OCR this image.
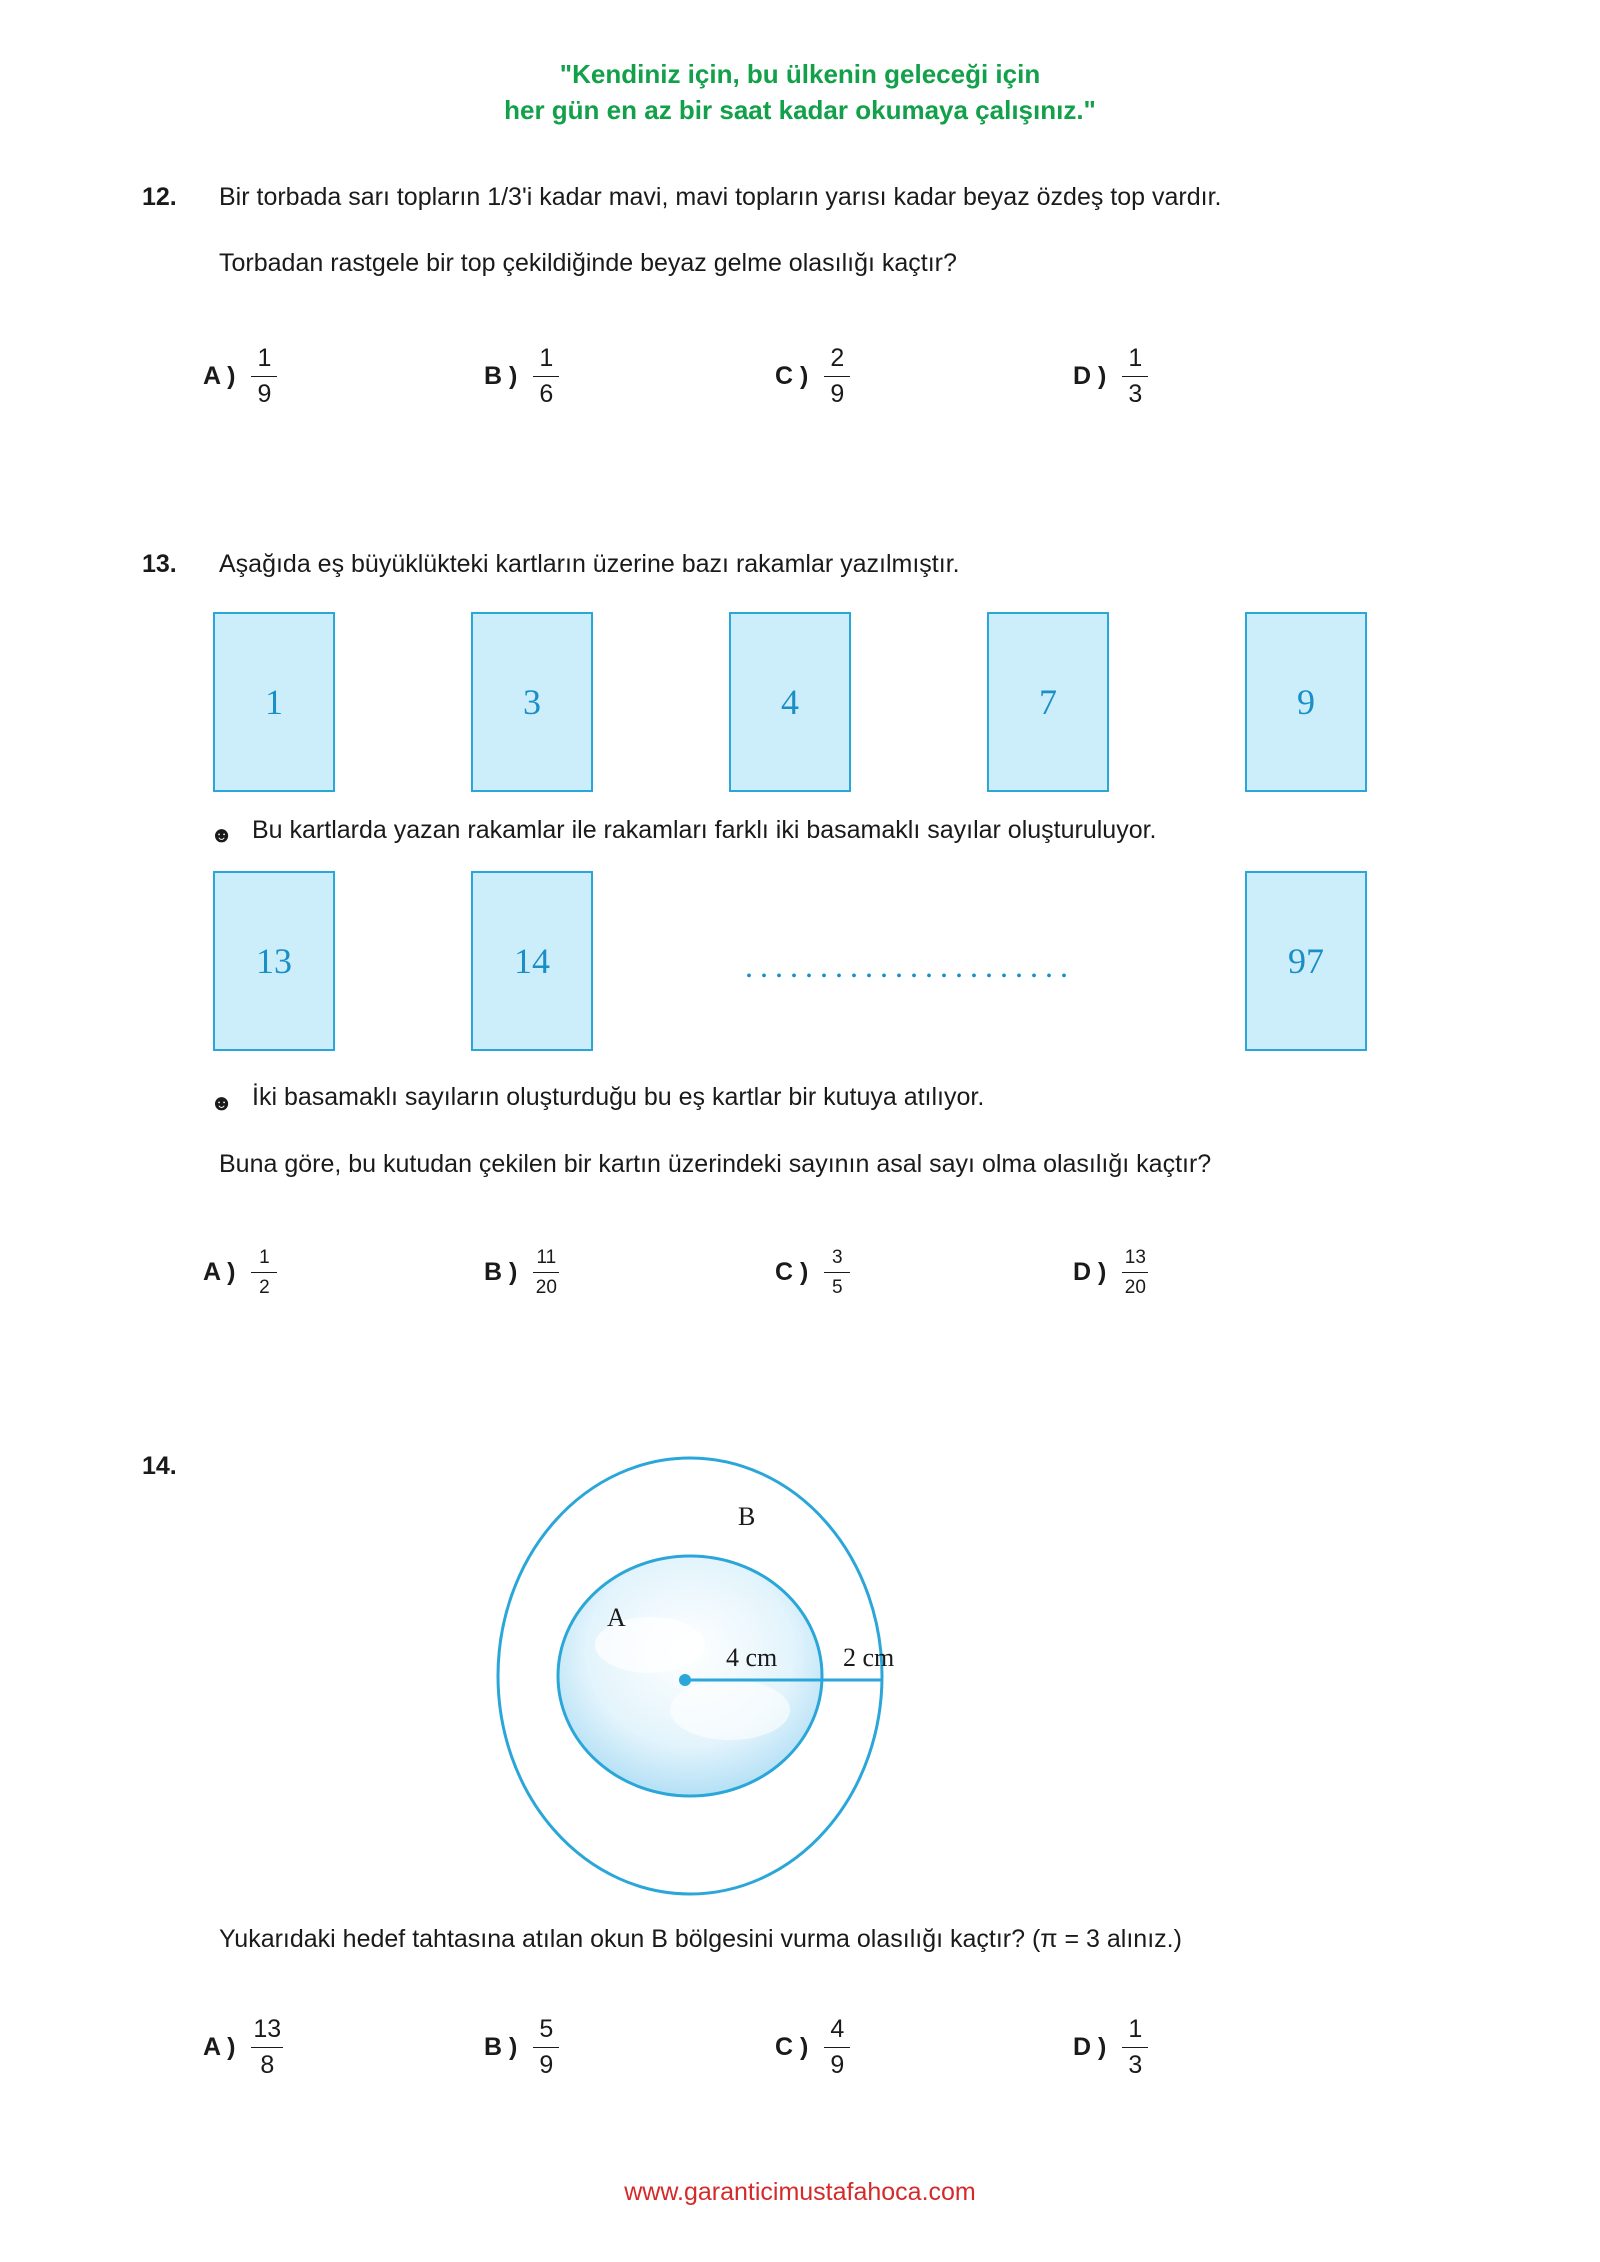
"Kendiniz için, bu ülkenin geleceği için
her gün en az bir saat kadar okumaya çalışınız."
12. Bir torbada sarı topların 1/3'i kadar mavi, mavi topların yarısı kadar beyaz özdeş top vardır.
Torbadan rastgele bir top çekildiğinde beyaz gelme olasılığı kaçtır?
A ) $\frac{1}{9}$	B ) $\frac{1}{6}$	C ) $\frac{2}{9}$	D ) $\frac{1}{3}$
13. Aşağıda eş büyüklükteki kartların üzerine bazı rakamlar yazılmıştır.
1	3	4	7	9
☻ Bu kartlarda yazan rakamlar ile rakamları farklı iki basamaklı sayılar oluşturuluyor.
13	14	......................	97
☻ İki basamaklı sayıların oluşturduğu bu eş kartlar bir kutuya atılıyor.
Buna göre, bu kutudan çekilen bir kartın üzerindeki sayının asal sayı olma olasılığı kaçtır?
A ) $\frac{1}{2}$	B ) $\frac{11}{20}$	C ) $\frac{3}{5}$	D ) $\frac{13}{20}$
14.
B
A
4 cm	2 cm
Yukarıdaki hedef tahtasına atılan okun B bölgesini vurma olasılığı kaçtır? (π = 3 alınız.)
A ) $\frac{13}{8}$	B ) $\frac{5}{9}$	C ) $\frac{4}{9}$	D ) $\frac{1}{3}$
www.garanticimustafahoca.com
